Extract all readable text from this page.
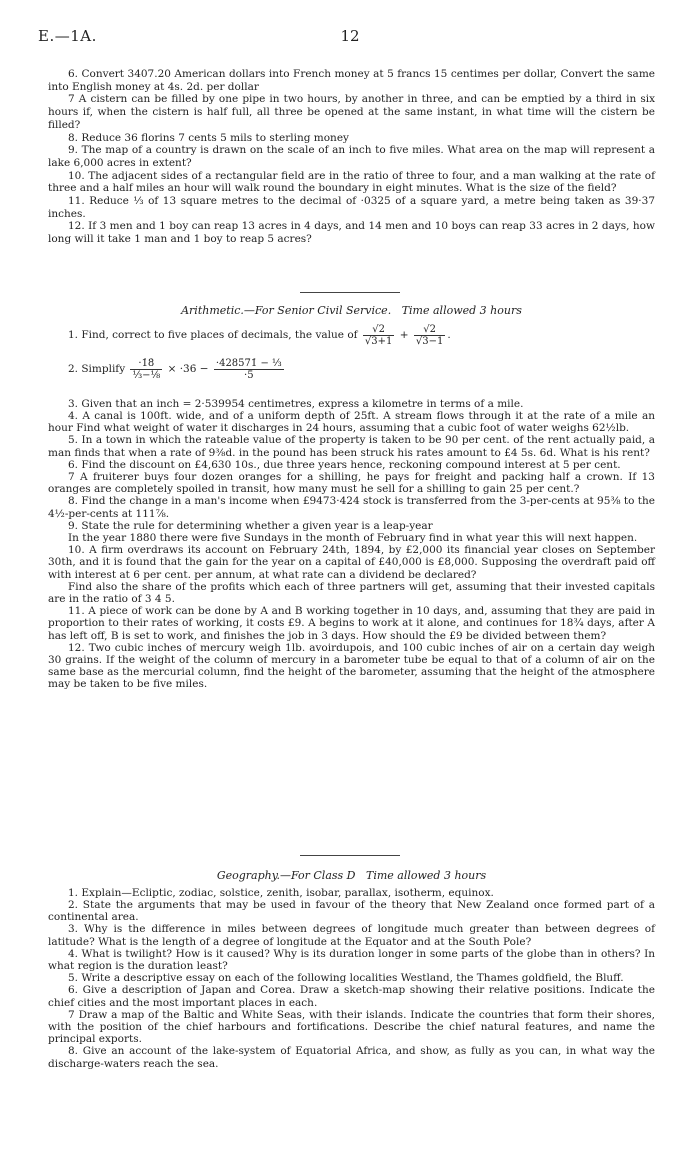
E.—1A.	12

6. Convert 3407.20 American dollars into French money at 5 francs 15 centimes per dollar, Convert the same into English money at 4s. 2d. per dollar

7 A cistern can be filled by one pipe in two hours, by another in three, and can be emptied by a third in six hours if, when the cistern is half full, all three be opened at the same instant, in what time will the cistern be filled?

8. Reduce 36 florins 7 cents 5 mils to sterling money

9. The map of a country is drawn on the scale of an inch to five miles. What area on the map will represent a lake 6,000 acres in extent?

10. The adjacent sides of a rectangular field are in the ratio of three to four, and a man walking at the rate of three and a half miles an hour will walk round the boundary in eight minutes. What is the size of the field?

11. Reduce ⅓ of 13 square metres to the decimal of ·0325 of a square yard, a metre being taken as 39·37 inches.

12. If 3 men and 1 boy can reap 13 acres in 4 days, and 14 men and 10 boys can reap 33 acres in 2 days, how long will it take 1 man and 1 boy to reap 5 acres?

Arithmetic.—For Senior Civil Service. Time allowed 3 hours

1. Find, correct to five places of decimals, the value of $\frac{√2}{√3+1} + \frac{√2}{√3-1}$ .
2. Simplify $\frac{\cdot 1̇8̇}{\text{⅓−⅛}}$ × ·3̇6̇ − $\frac{\text{·4285̇7̇1̇ − ⅓}}{\cdot 5}$

3. Given that an inch = 2·539954 centimetres, express a kilometre in terms of a mile.

4. A canal is 100ft. wide, and of a uniform depth of 25ft. A stream flows through it at the rate of a mile an hour Find what weight of water it discharges in 24 hours, assuming that a cubic foot of water weighs 62½lb.

5. In a town in which the rateable value of the property is taken to be 90 per cent. of the rent actually paid, a man finds that when a rate of 9⅜d. in the pound has been struck his rates amount to £4 5s. 6d. What is his rent?

6. Find the discount on £4,630 10s., due three years hence, reckoning compound interest at 5 per cent.

7 A fruiterer buys four dozen oranges for a shilling, he pays for freight and packing half a crown. If 13 oranges are completely spoiled in transit, how many must he sell for a shilling to gain 25 per cent.?

8. Find the change in a man's income when £9473·424 stock is transferred from the 3-per-cents at 95⅜ to the 4½-per-cents at 111⅞.

9. State the rule for determining whether a given year is a leap-year

In the year 1880 there were five Sundays in the month of February find in what year this will next happen.

10. A firm overdraws its account on February 24th, 1894, by £2,000 its financial year closes on September 30th, and it is found that the gain for the year on a capital of £40,000 is £8,000. Supposing the overdraft paid off with interest at 6 per cent. per annum, at what rate can a dividend be declared?

Find also the share of the profits which each of three partners will get, assuming that their invested capitals are in the ratio of 3 4 5.

11. A piece of work can be done by A and B working together in 10 days, and, assuming that they are paid in proportion to their rates of working, it costs £9. A begins to work at it alone, and continues for 18¾ days, after A has left off, B is set to work, and finishes the job in 3 days. How should the £9 be divided between them?

12. Two cubic inches of mercury weigh 1lb. avoirdupois, and 100 cubic inches of air on a certain day weigh 30 grains. If the weight of the column of mercury in a barometer tube be equal to that of a column of air on the same base as the mercurial column, find the height of the barometer, assuming that the height of the atmosphere may be taken to be five miles.

Geography.—For Class D Time allowed 3 hours

1. Explain—Ecliptic, zodiac, solstice, zenith, isobar, parallax, isotherm, equinox.

2. State the arguments that may be used in favour of the theory that New Zealand once formed part of a continental area.

3. Why is the difference in miles between degrees of longitude much greater than between degrees of latitude? What is the length of a degree of longitude at the Equator and at the South Pole?

4. What is twilight? How is it caused? Why is its duration longer in some parts of the globe than in others? In what region is the duration least?

5. Write a descriptive essay on each of the following localities Westland, the Thames goldfield, the Bluff.

6. Give a description of Japan and Corea. Draw a sketch-map showing their relative positions. Indicate the chief cities and the most important places in each.

7 Draw a map of the Baltic and White Seas, with their islands. Indicate the countries that form their shores, with the position of the chief harbours and fortifications. Describe the chief natural features, and name the principal exports.

8. Give an account of the lake-system of Equatorial Africa, and show, as fully as you can, in what way the discharge-waters reach the sea.
